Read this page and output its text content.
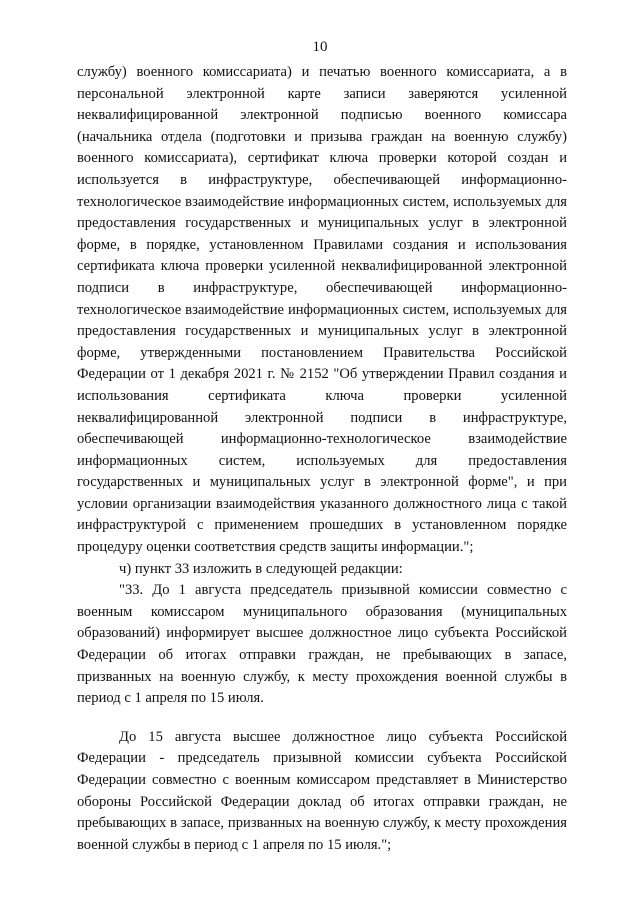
10

службу) военного комиссариата) и печатью военного комиссариата, а в персональной электронной карте записи заверяются усиленной неквалифицированной электронной подписью военного комиссара (начальника отдела (подготовки и призыва граждан на военную службу) военного комиссариата), сертификат ключа проверки которой создан и используется в инфраструктуре, обеспечивающей информационно-технологическое взаимодействие информационных систем, используемых для предоставления государственных и муниципальных услуг в электронной форме, в порядке, установленном Правилами создания и использования сертификата ключа проверки усиленной неквалифицированной электронной подписи в инфраструктуре, обеспечивающей информационно-технологическое взаимодействие информационных систем, используемых для предоставления государственных и муниципальных услуг в электронной форме, утвержденными постановлением Правительства Российской Федерации от 1 декабря 2021 г. № 2152 "Об утверждении Правил создания и использования сертификата ключа проверки усиленной неквалифицированной электронной подписи в инфраструктуре, обеспечивающей информационно-технологическое взаимодействие информационных систем, используемых для предоставления государственных и муниципальных услуг в электронной форме", и при условии организации взаимодействия указанного должностного лица с такой инфраструктурой с применением прошедших в установленном порядке процедуру оценки соответствия средств защиты информации.";

ч) пункт 33 изложить в следующей редакции:

"33. До 1 августа председатель призывной комиссии совместно с военным комиссаром муниципального образования (муниципальных образований) информирует высшее должностное лицо субъекта Российской Федерации об итогах отправки граждан, не пребывающих в запасе, призванных на военную службу, к месту прохождения военной службы в период с 1 апреля по 15 июля.

До 15 августа высшее должностное лицо субъекта Российской Федерации - председатель призывной комиссии субъекта Российской Федерации совместно с военным комиссаром представляет в Министерство обороны Российской Федерации доклад об итогах отправки граждан, не пребывающих в запасе, призванных на военную службу, к месту прохождения военной службы в период с 1 апреля по 15 июля.";
